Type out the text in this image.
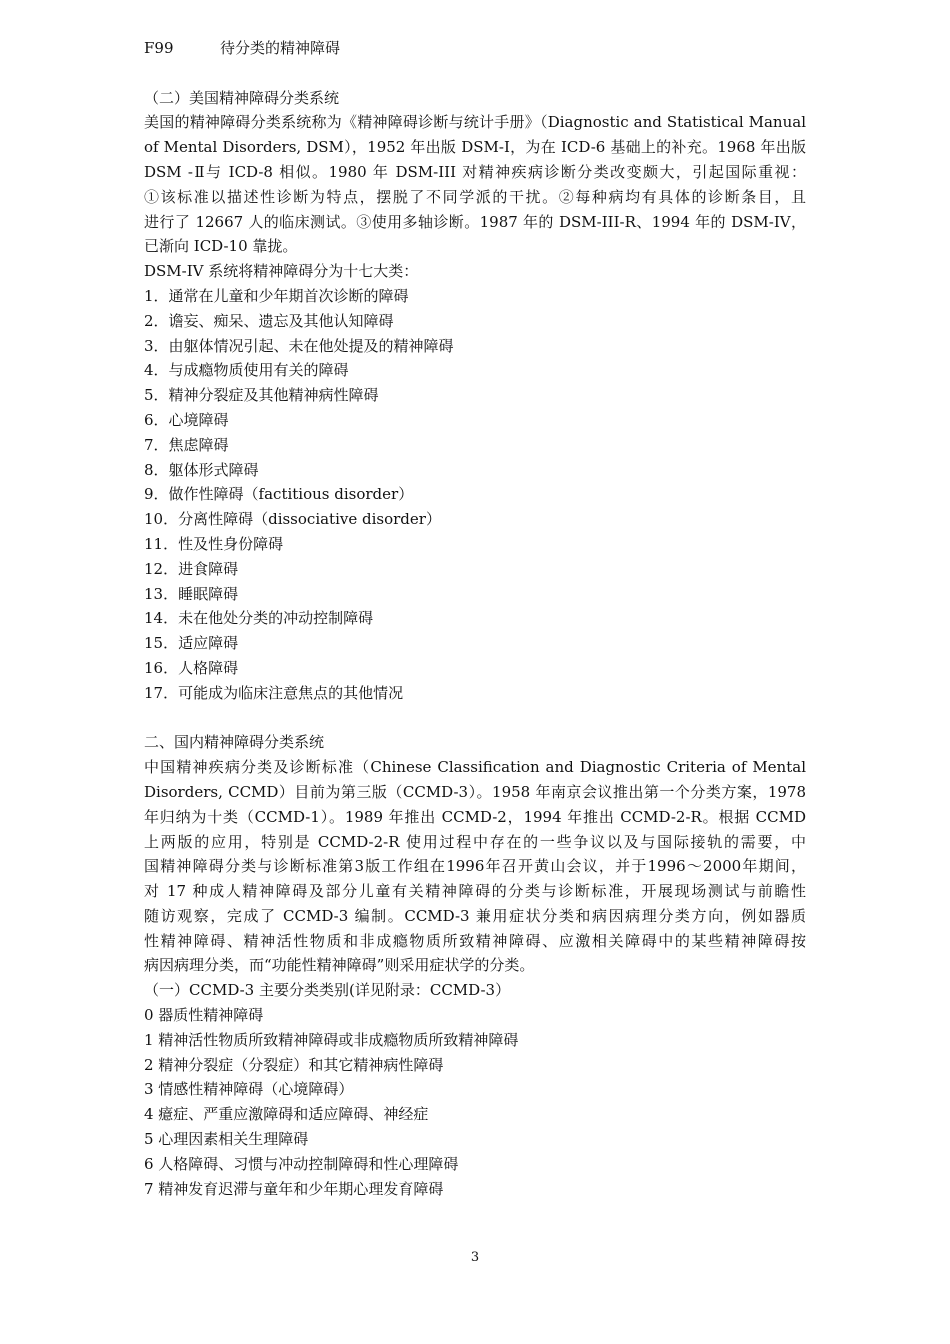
F99	待分类的精神障碍
（二）美国精神障碍分类系统
美国的精神障碍分类系统称为《精神障碍诊断与统计手册》（Diagnostic and Statistical Manual
of Mental Disorders, DSM），1952 年出版 DSM-I，为在 ICD-6 基础上的补充。1968 年出版
DSM -Ⅱ与 ICD-8 相似。1980 年 DSM-III 对精神疾病诊断分类改变颇大，引起国际重视：
①该标准以描述性诊断为特点，摆脱了不同学派的干扰。②每种病均有具体的诊断条目，且
进行了 12667 人的临床测试。③使用多轴诊断。1987 年的 DSM-III-R、1994 年的 DSM-IV，
已渐向 ICD-10 靠拢。
DSM-IV 系统将精神障碍分为十七大类：
1．通常在儿童和少年期首次诊断的障碍
2．谵妄、痴呆、遗忘及其他认知障碍
3．由躯体情况引起、未在他处提及的精神障碍
4．与成瘾物质使用有关的障碍
5．精神分裂症及其他精神病性障碍
6．心境障碍
7．焦虑障碍
8．躯体形式障碍
9．做作性障碍（factitious disorder）
10．分离性障碍（dissociative disorder）
11．性及性身份障碍
12．进食障碍
13．睡眠障碍
14．未在他处分类的冲动控制障碍
15．适应障碍
16．人格障碍
17．可能成为临床注意焦点的其他情况
二、国内精神障碍分类系统
中国精神疾病分类及诊断标准（Chinese Classification and Diagnostic Criteria of Mental
Disorders, CCMD）目前为第三版（CCMD-3）。1958 年南京会议推出第一个分类方案，1978
年归纳为十类（CCMD-1）。1989 年推出 CCMD-2，1994 年推出 CCMD-2-R。根据 CCMD
上两版的应用，特别是 CCMD-2-R 使用过程中存在的一些争议以及与国际接轨的需要，中
国精神障碍分类与诊断标准第3版工作组在1996年召开黄山会议，并于1996～2000年期间，
对 17 种成人精神障碍及部分儿童有关精神障碍的分类与诊断标准，开展现场测试与前瞻性
随访观察，完成了 CCMD-3 编制。CCMD-3 兼用症状分类和病因病理分类方向，例如器质
性精神障碍、精神活性物质和非成瘾物质所致精神障碍、应激相关障碍中的某些精神障碍按
病因病理分类，而“功能性精神障碍”则采用症状学的分类。
（一）CCMD-3 主要分类类别(详见附录：CCMD-3）
0 器质性精神障碍
1 精神活性物质所致精神障碍或非成瘾物质所致精神障碍
2 精神分裂症（分裂症）和其它精神病性障碍
3 情感性精神障碍（心境障碍）
4 癔症、严重应激障碍和适应障碍、神经症
5 心理因素相关生理障碍
6 人格障碍、习惯与冲动控制障碍和性心理障碍
7 精神发育迟滞与童年和少年期心理发育障碍
3
